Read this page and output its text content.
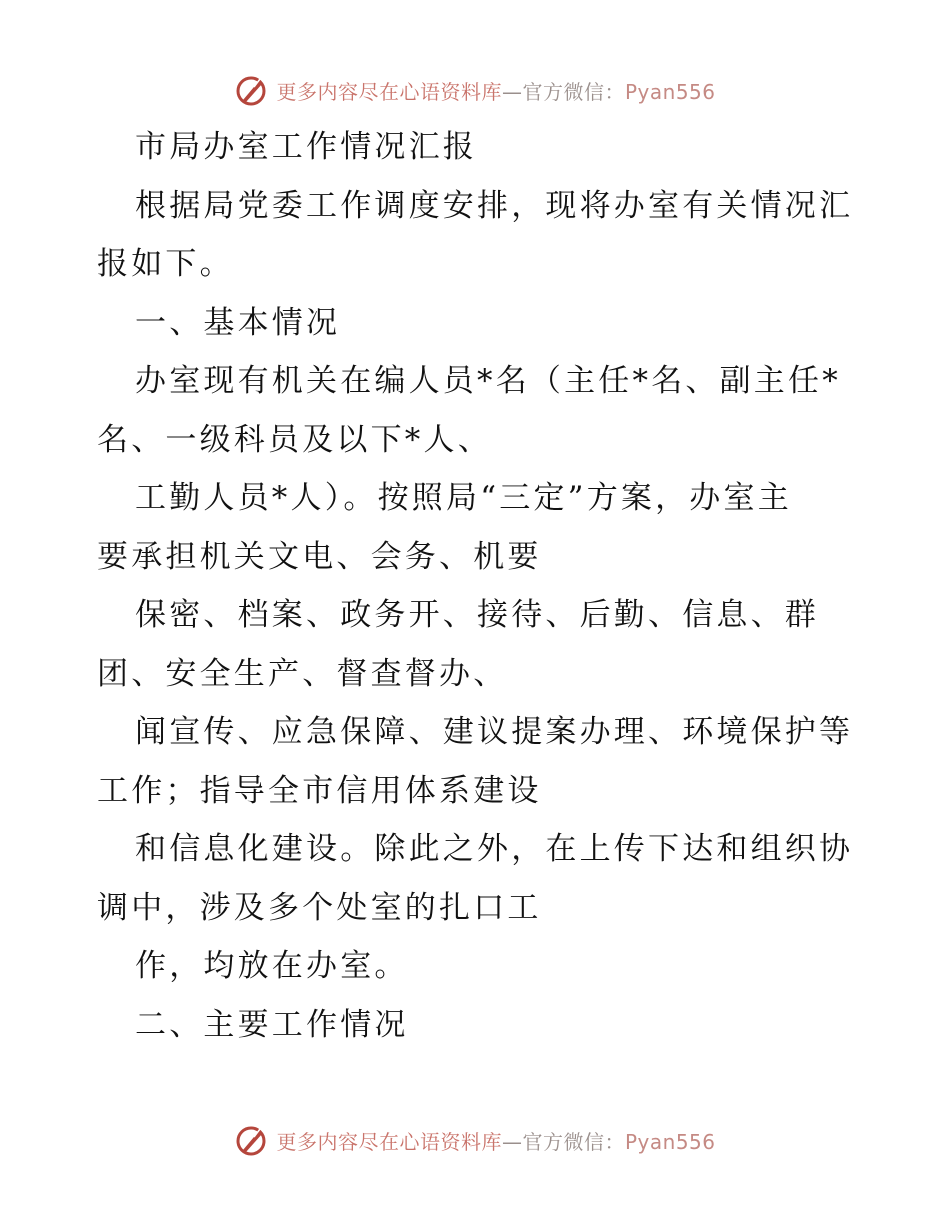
更多内容尽在心语资料库—官方微信：Pyan556

市局办室工作情况汇报

根据局党委工作调度安排，现将办室有关情况汇

报如下。

一、基本情况

办室现有机关在编人员*名（主任*名、副主任*

名、一级科员及以下*人、

工勤人员*人）。按照局“三定”方案，办室主

要承担机关文电、会务、机要

保密、档案、政务开、接待、后勤、信息、群

团、安全生产、督查督办、

闻宣传、应急保障、建议提案办理、环境保护等

工作；指导全市信用体系建设

和信息化建设。除此之外，在上传下达和组织协

调中，涉及多个处室的扎口工

作，均放在办室。

二、主要工作情况

更多内容尽在心语资料库—官方微信：Pyan556
